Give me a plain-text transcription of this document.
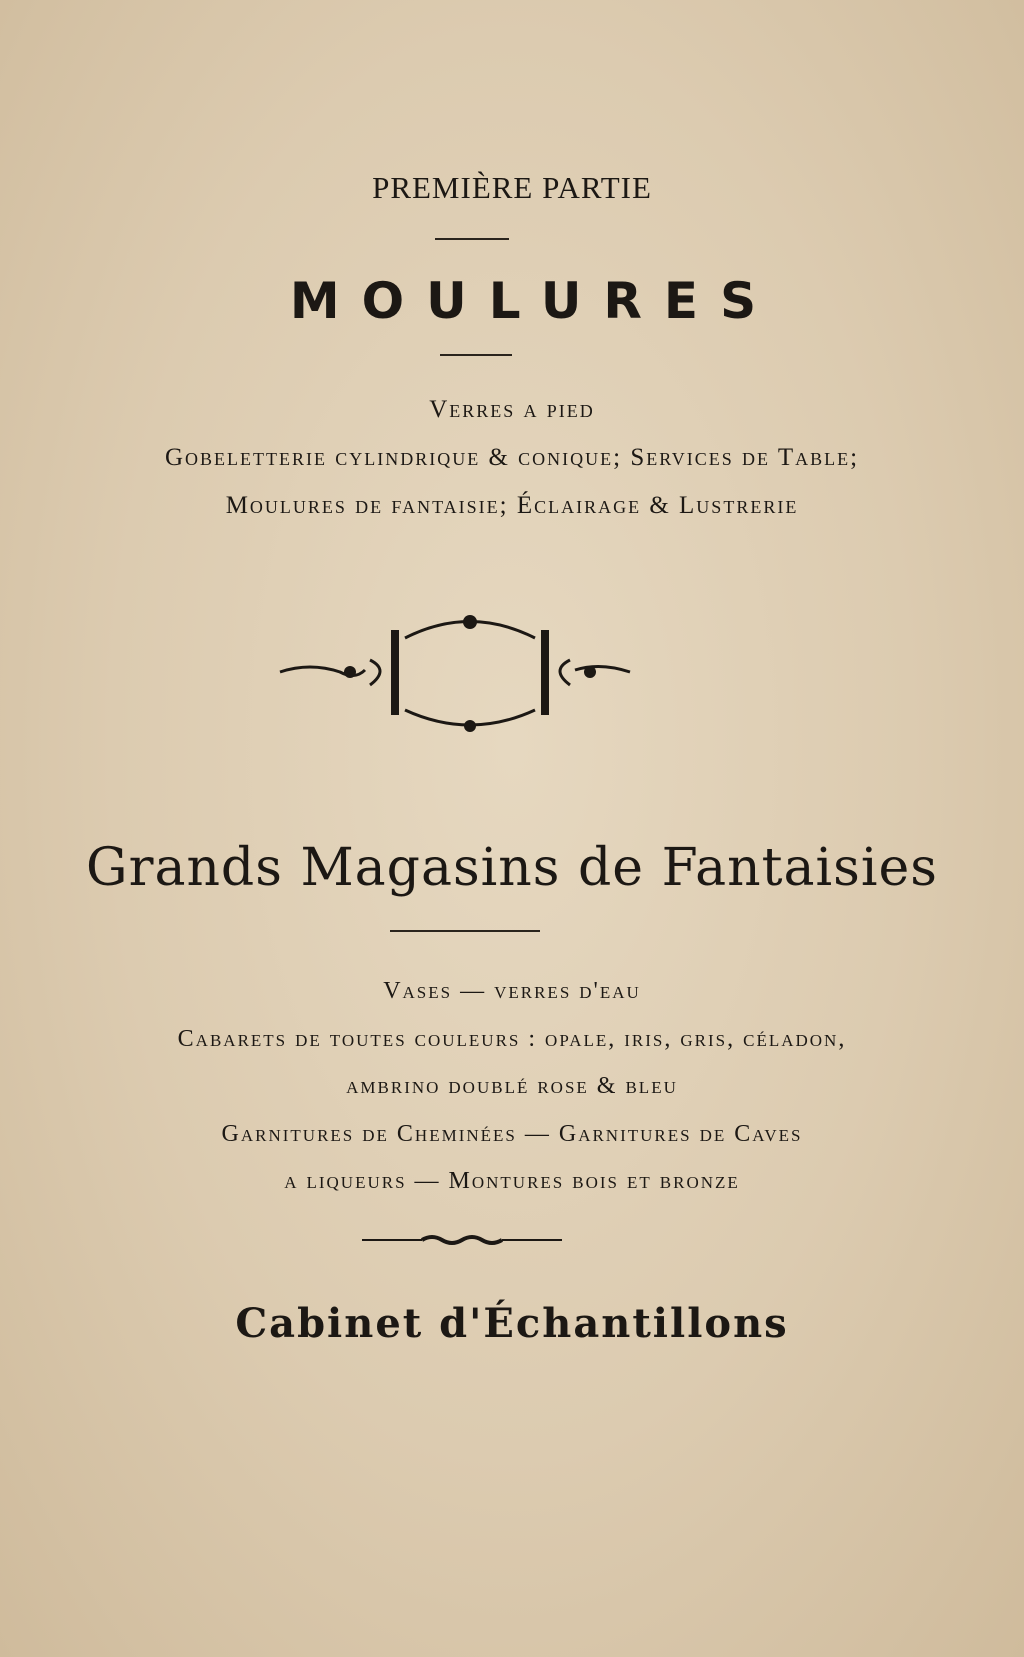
PREMIÈRE PARTIE
MOULURES
Verres a pied
Gobeletterie cylindrique & conique; Services de Table;
Moulures de fantaisie; Éclairage & Lustrerie
Grands Magasins de Fantaisies
Vases — verres d'eau
Cabarets de toutes couleurs : opale, iris, gris, céladon,
ambrino doublé rose & bleu
Garnitures de Cheminées — Garnitures de Caves
a liqueurs — Montures bois et bronze
Cabinet d'Échantillons
